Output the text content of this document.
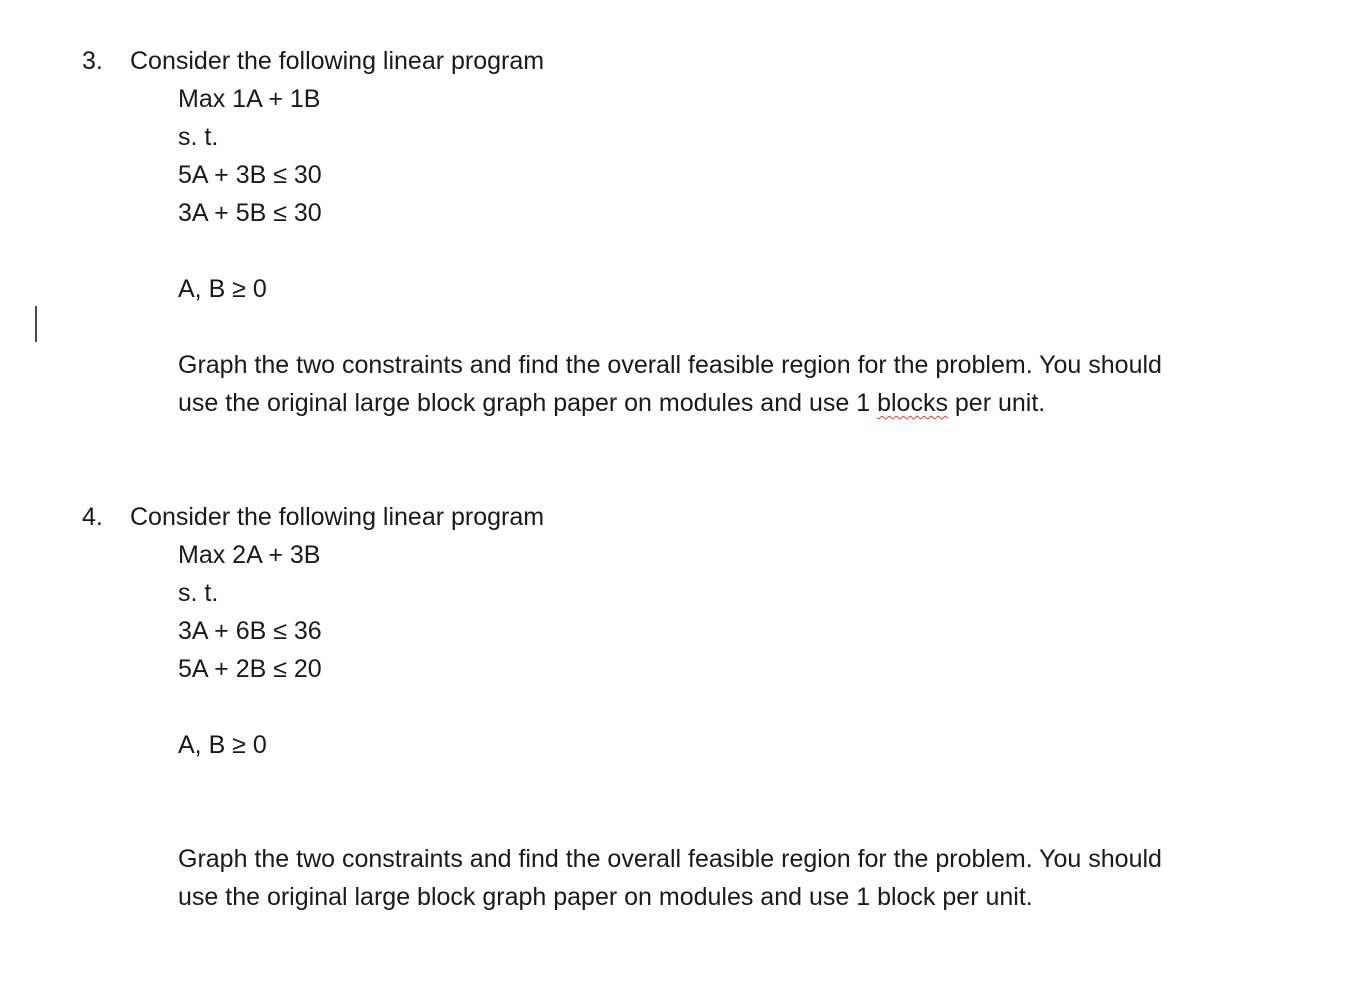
3. Consider the following linear program
Max 1A + 1B
s. t.
5A + 3B ≤ 30
3A + 5B ≤ 30
A, B ≥ 0
Graph the two constraints and find the overall feasible region for the problem. You should
use the original large block graph paper on modules and use 1 blocks per unit.
4. Consider the following linear program
Max 2A + 3B
s. t.
3A + 6B ≤ 36
5A + 2B ≤ 20
A, B ≥ 0
Graph the two constraints and find the overall feasible region for the problem. You should
use the original large block graph paper on modules and use 1 block per unit.
